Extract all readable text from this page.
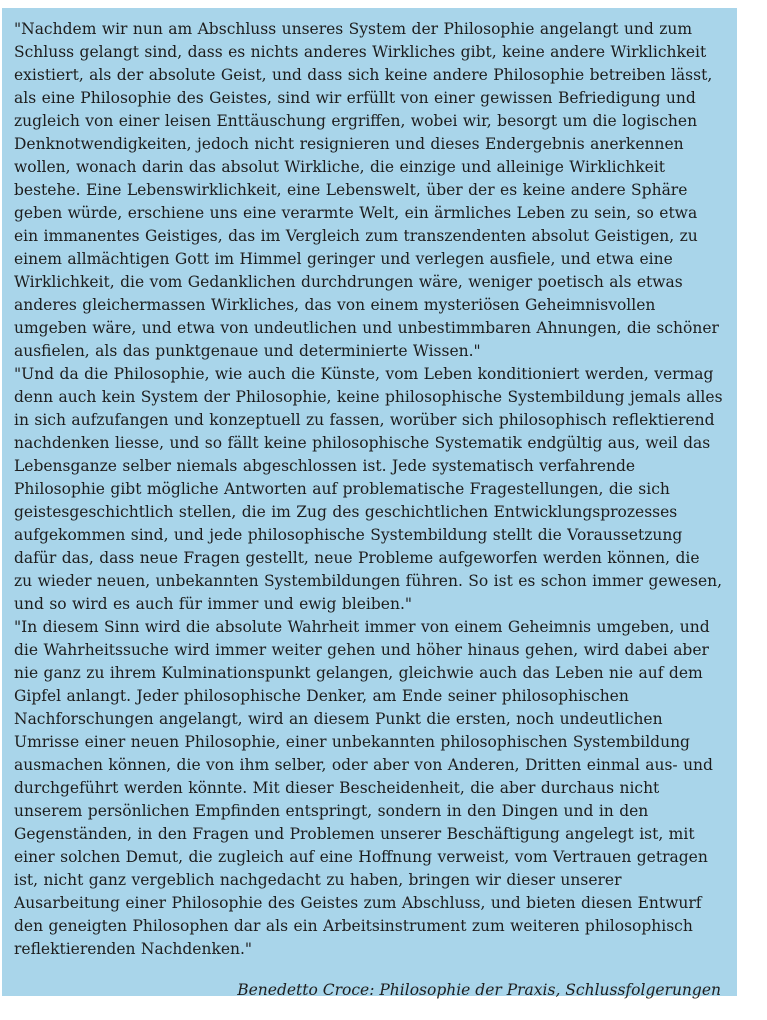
"Nachdem wir nun am Abschluss unseres System der Philosophie angelangt und zum Schluss gelangt sind, dass es nichts anderes Wirkliches gibt, keine andere Wirklichkeit existiert, als der absolute Geist, und dass sich keine andere Philosophie betreiben lässt, als eine Philosophie des Geistes, sind wir erfüllt von einer gewissen Befriedigung und zugleich von einer leisen Enttäuschung ergriffen, wobei wir, besorgt um die logischen Denknotwendigkeiten, jedoch nicht resignieren und dieses Endergebnis anerkennen wollen, wonach darin das absolut Wirkliche, die einzige und alleinige Wirklichkeit bestehe. Eine Lebenswirklichkeit, eine Lebenswelt, über der es keine andere Sphäre geben würde, erschiene uns eine verarmte Welt, ein ärmliches Leben zu sein, so etwa ein immanentes Geistiges, das im Vergleich zum transzendenten absolut Geistigen, zu einem allmächtigen Gott im Himmel geringer und verlegen ausfiele, und etwa eine Wirklichkeit, die vom Gedanklichen durchdrungen wäre, weniger poetisch als etwas anderes gleichermassen Wirkliches, das von einem mysteriösen Geheimnisvollen umgeben wäre, und etwa von undeutlichen und unbestimmbaren Ahnungen, die schöner ausfielen, als das punktgenaue und determinierte Wissen."

"Und da die Philosophie, wie auch die Künste, vom Leben konditioniert werden, vermag denn auch kein System der Philosophie, keine philosophische Systembildung jemals alles in sich aufzufangen und konzeptuell zu fassen, worüber sich philosophisch reflektierend nachdenken liesse, und so fällt keine philosophische Systematik endgültig aus, weil das Lebensganze selber niemals abgeschlossen ist. Jede systematisch verfahrende Philosophie gibt mögliche Antworten auf problematische Fragestellungen, die sich geistesgeschichtlich stellen, die im Zug des geschichtlichen Entwicklungsprozesses aufgekommen sind, und jede philosophische Systembildung stellt die Voraussetzung dafür das, dass neue Fragen gestellt, neue Probleme aufgeworfen werden können, die zu wieder neuen, unbekannten Systembildungen führen. So ist es schon immer gewesen, und so wird es auch für immer und ewig bleiben."

"In diesem Sinn wird die absolute Wahrheit immer von einem Geheimnis umgeben, und die Wahrheitssuche wird immer weiter gehen und höher hinaus gehen, wird dabei aber nie ganz zu ihrem Kulminationspunkt gelangen, gleichwie auch das Leben nie auf dem Gipfel anlangt. Jeder philosophische Denker, am Ende seiner philosophischen Nachforschungen angelangt, wird an diesem Punkt die ersten, noch undeutlichen Umrisse einer neuen Philosophie, einer unbekannten philosophischen Systembildung ausmachen können, die von ihm selber, oder aber von Anderen, Dritten einmal aus- und durchgeführt werden könnte. Mit dieser Bescheidenheit, die aber durchaus nicht unserem persönlichen Empfinden entspringt, sondern in den Dingen und in den Gegenständen, in den Fragen und Problemen unserer Beschäftigung angelegt ist, mit einer solchen Demut, die zugleich auf eine Hoffnung verweist, vom Vertrauen getragen ist, nicht ganz vergeblich nachgedacht zu haben, bringen wir dieser unserer Ausarbeitung einer Philosophie des Geistes zum Abschluss, und bieten diesen Entwurf den geneigten Philosophen dar als ein Arbeitsinstrument zum weiteren philosophisch reflektierenden Nachdenken."

Benedetto Croce: Philosophie der Praxis, Schlussfolgerungen
